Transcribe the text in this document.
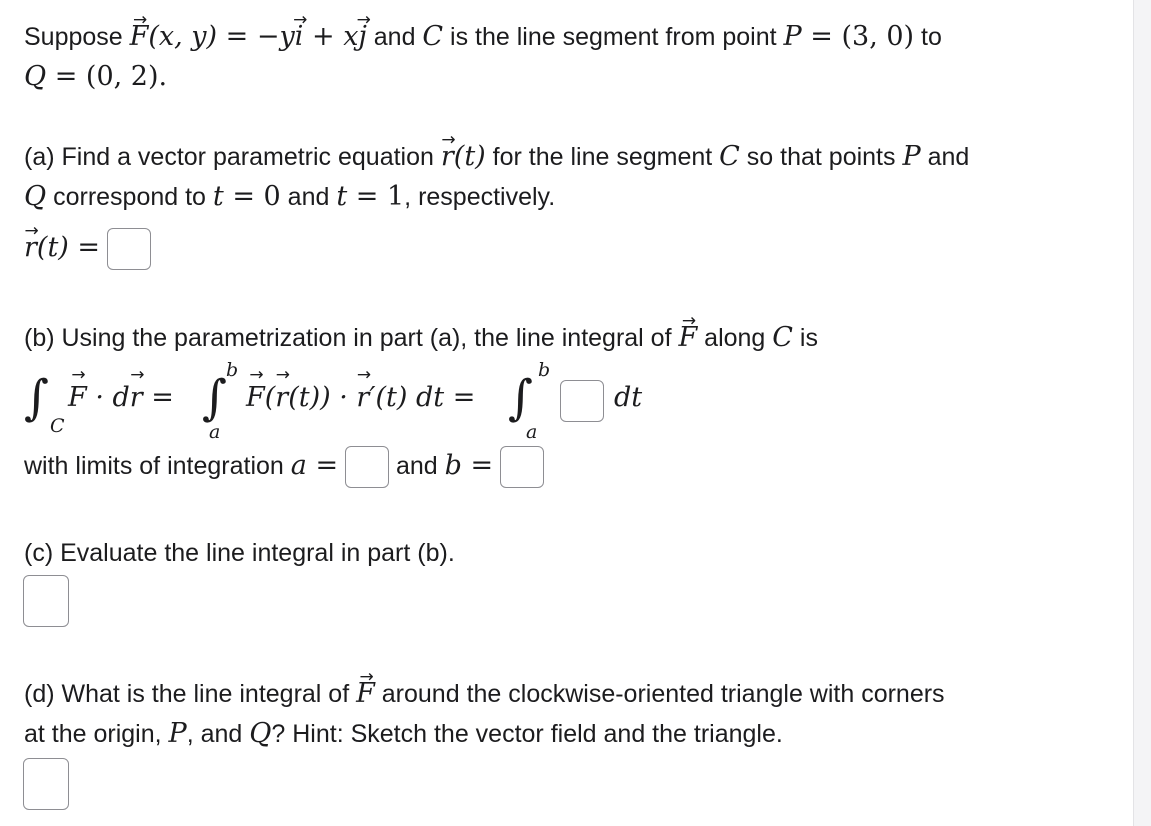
Suppose → F(x, y) = −y→ i + x→ j and C is the line segment from point P = (3, 0) to
Q = (0, 2).
(a) Find a vector parametric equation → r(t) for the line segment C so that points P and
Q correspond to t = 0 and t = 1, respectively.
→ r(t) =
(b) Using the parametrization in part (a), the line integral of → F along C is
∫ C
→ F · d→ r = ∫
b
a
→ F(→ r(t)) · → r′(t) dt = ∫ b
a
dt
with limits of integration a =  and b =
(c) Evaluate the line integral in part (b).
(d) What is the line integral of → F around the clockwise-oriented triangle with corners
at the origin, P, and Q? Hint: Sketch the vector field and the triangle.
